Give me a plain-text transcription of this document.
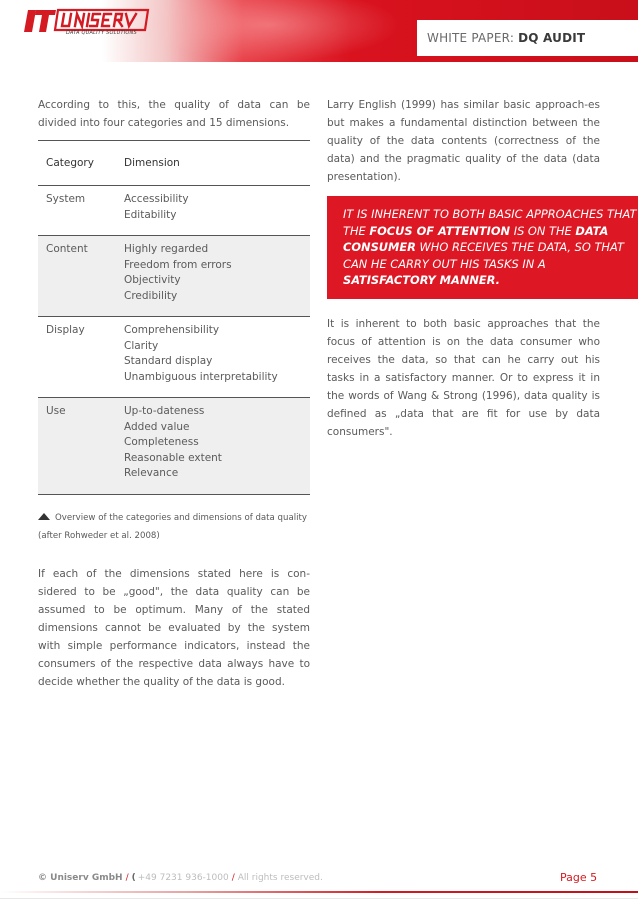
DATA QUALITY SOLUTIONS	WHITE PAPER: DQ AUDIT

According to this, the quality of data can be divided into four categories and 15 dimensions.

Category	Dimension
System	Accessibility
Editability

Content	Highly regarded
Freedom from errors
Objectivity
Credibility

Display	Comprehensibility
Clarity
Standard display
Unambiguous interpretability

Use	Up-to-dateness
Added value
Completeness
Reasonable extent
Relevance
Overview of the categories and dimensions of data quality (after Rohweder et al. 2008)

If each of the dimensions stated here is con-sidered to be „good", the data quality can be assumed to be optimum. Many of the stated dimensions cannot be evaluated by the system with simple performance indicators, instead the consumers of the respective data always have to decide whether the quality of the data is good.

Larry English (1999) has similar basic approach-es but makes a fundamental distinction between the quality of the data contents (correctness of the data) and the pragmatic quality of the data (data presentation).

IT IS INHERENT TO BOTH BASIC APPROACHES THAT THE FOCUS OF ATTENTION IS ON THE DATA CONSUMER WHO RECEIVES THE DATA, SO THAT CAN HE CARRY OUT HIS TASKS IN A SATISFACTORY MANNER.

It is inherent to both basic approaches that the focus of attention is on the data consumer who receives the data, so that can he carry out his tasks in a satisfactory manner. Or to express it in the words of Wang & Strong (1996), data quality is defined as „data that are fit for use by data consumers".

© Uniserv GmbH / ( +49 7231 936-1000 / All rights reserved.	Page 5
